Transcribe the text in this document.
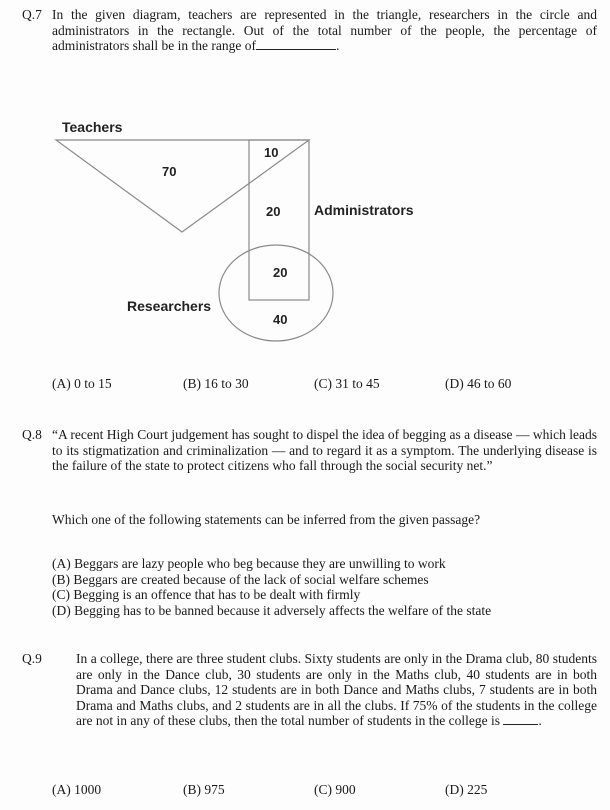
Q.7 In the given diagram, teachers are represented in the triangle, researchers in the circle and administrators in the rectangle. Out of the total number of the people, the percentage of administrators shall be in the range of	.
Teachers
Administrators
Researchers
70
10
20
20
40
(A) 0 to 15	(B) 16 to 30	(C) 31 to 45	(D) 46 to 60
Q.8 “A recent High Court judgement has sought to dispel the idea of begging as a disease — which leads to its stigmatization and criminalization — and to regard it as a symptom. The underlying disease is the failure of the state to protect citizens who fall through the social security net.”
Which one of the following statements can be inferred from the given passage?
(A) Beggars are lazy people who beg because they are unwilling to work
(B) Beggars are created because of the lack of social welfare schemes
(C) Begging is an offence that has to be dealt with firmly
(D) Begging has to be banned because it adversely affects the welfare of the state
Q.9	In a college, there are three student clubs. Sixty students are only in the Drama club, 80 students are only in the Dance club, 30 students are only in the Maths club, 40 students are in both Drama and Dance clubs, 12 students are in both Dance and Maths clubs, 7 students are in both Drama and Maths clubs, and 2 students are in all the clubs. If 75% of the students in the college are not in any of these clubs, then the total number of students in the college is	.
(A) 1000	(B) 975	(C) 900	(D) 225
